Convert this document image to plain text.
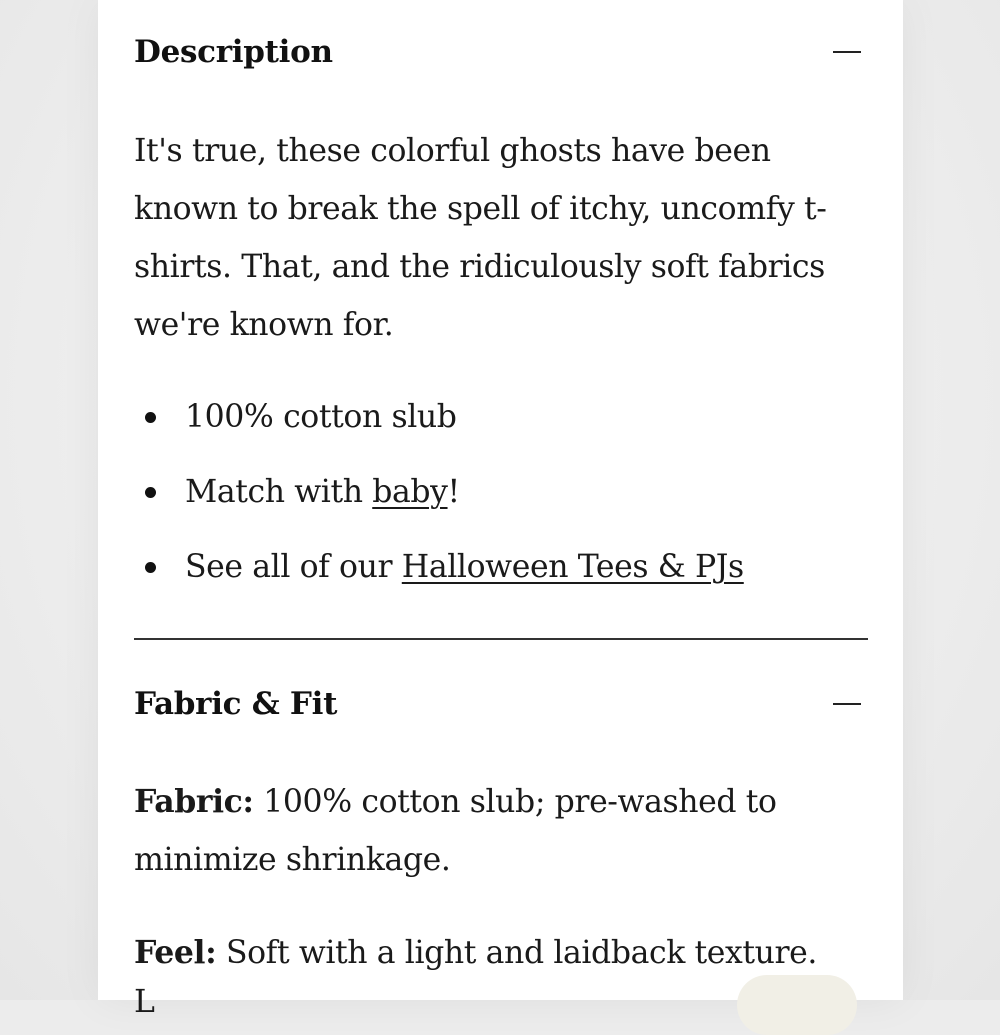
Description

It's true, these colorful ghosts have been known to break the spell of itchy, uncomfy t-shirts. That, and the ridiculously soft fabrics we're known for.

100% cotton slub
Match with baby!
See all of our Halloween Tees & PJs
Fabric & Fit

Fabric: 100% cotton slub; pre-washed to minimize shrinkage.

Feel: Soft with a light and laidback texture.

L
